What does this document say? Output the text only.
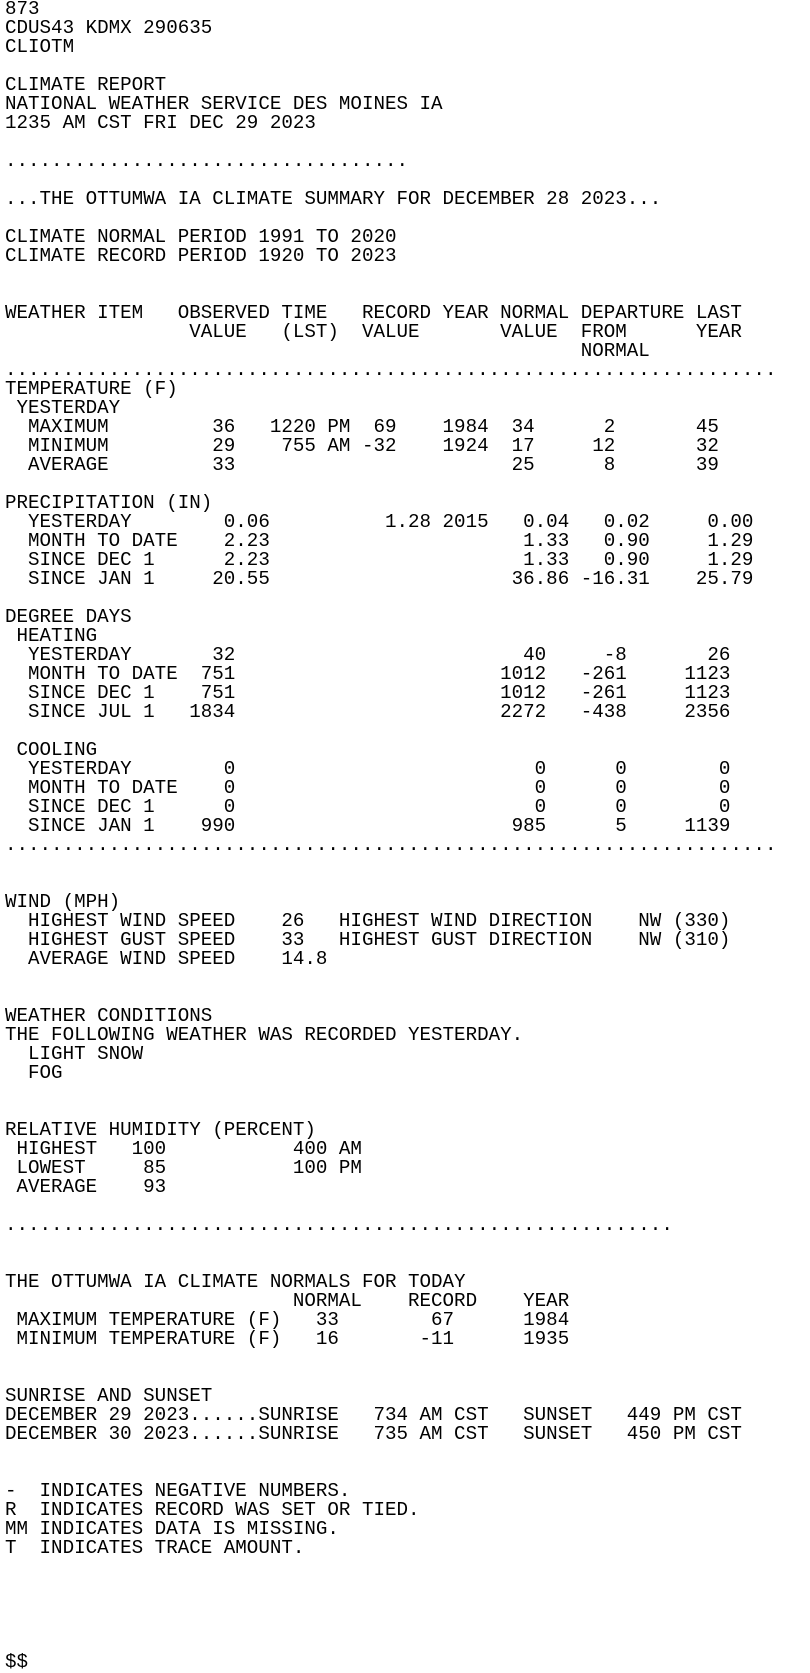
873
CDUS43 KDMX 290635
CLIOTM
CLIMATE REPORT
NATIONAL WEATHER SERVICE DES MOINES IA
1235 AM CST FRI DEC 29 2023
...................................
...THE OTTUMWA IA CLIMATE SUMMARY FOR DECEMBER 28 2023...
CLIMATE NORMAL PERIOD 1991 TO 2020
CLIMATE RECORD PERIOD 1920 TO 2023
WEATHER ITEM   OBSERVED TIME   RECORD YEAR NORMAL DEPARTURE LAST
VALUE   (LST)  VALUE       VALUE  FROM      YEAR
NORMAL
...................................................................
TEMPERATURE (F)
YESTERDAY
MAXIMUM         36   1220 PM  69    1984  34      2       45
MINIMUM         29    755 AM -32    1924  17     12       32
AVERAGE         33                        25      8       39
PRECIPITATION (IN)
YESTERDAY        0.06          1.28 2015   0.04   0.02     0.00
MONTH TO DATE    2.23                      1.33   0.90     1.29
SINCE DEC 1      2.23                      1.33   0.90     1.29
SINCE JAN 1     20.55                     36.86 -16.31    25.79
DEGREE DAYS
HEATING
YESTERDAY       32                         40     -8       26
MONTH TO DATE  751                       1012   -261     1123
SINCE DEC 1    751                       1012   -261     1123
SINCE JUL 1   1834                       2272   -438     2356
COOLING
YESTERDAY        0                          0      0        0
MONTH TO DATE    0                          0      0        0
SINCE DEC 1      0                          0      0        0
SINCE JAN 1    990                        985      5     1139
...................................................................
WIND (MPH)
HIGHEST WIND SPEED    26   HIGHEST WIND DIRECTION    NW (330)
HIGHEST GUST SPEED    33   HIGHEST GUST DIRECTION    NW (310)
AVERAGE WIND SPEED    14.8
WEATHER CONDITIONS
THE FOLLOWING WEATHER WAS RECORDED YESTERDAY.
LIGHT SNOW
FOG
RELATIVE HUMIDITY (PERCENT)
HIGHEST   100           400 AM
LOWEST     85           100 PM
AVERAGE    93
..........................................................
THE OTTUMWA IA CLIMATE NORMALS FOR TODAY
NORMAL    RECORD    YEAR
MAXIMUM TEMPERATURE (F)   33        67      1984
MINIMUM TEMPERATURE (F)   16       -11      1935
SUNRISE AND SUNSET
DECEMBER 29 2023......SUNRISE   734 AM CST   SUNSET   449 PM CST
DECEMBER 30 2023......SUNRISE   735 AM CST   SUNSET   450 PM CST
-  INDICATES NEGATIVE NUMBERS.
R  INDICATES RECORD WAS SET OR TIED.
MM INDICATES DATA IS MISSING.
T  INDICATES TRACE AMOUNT.
$$
